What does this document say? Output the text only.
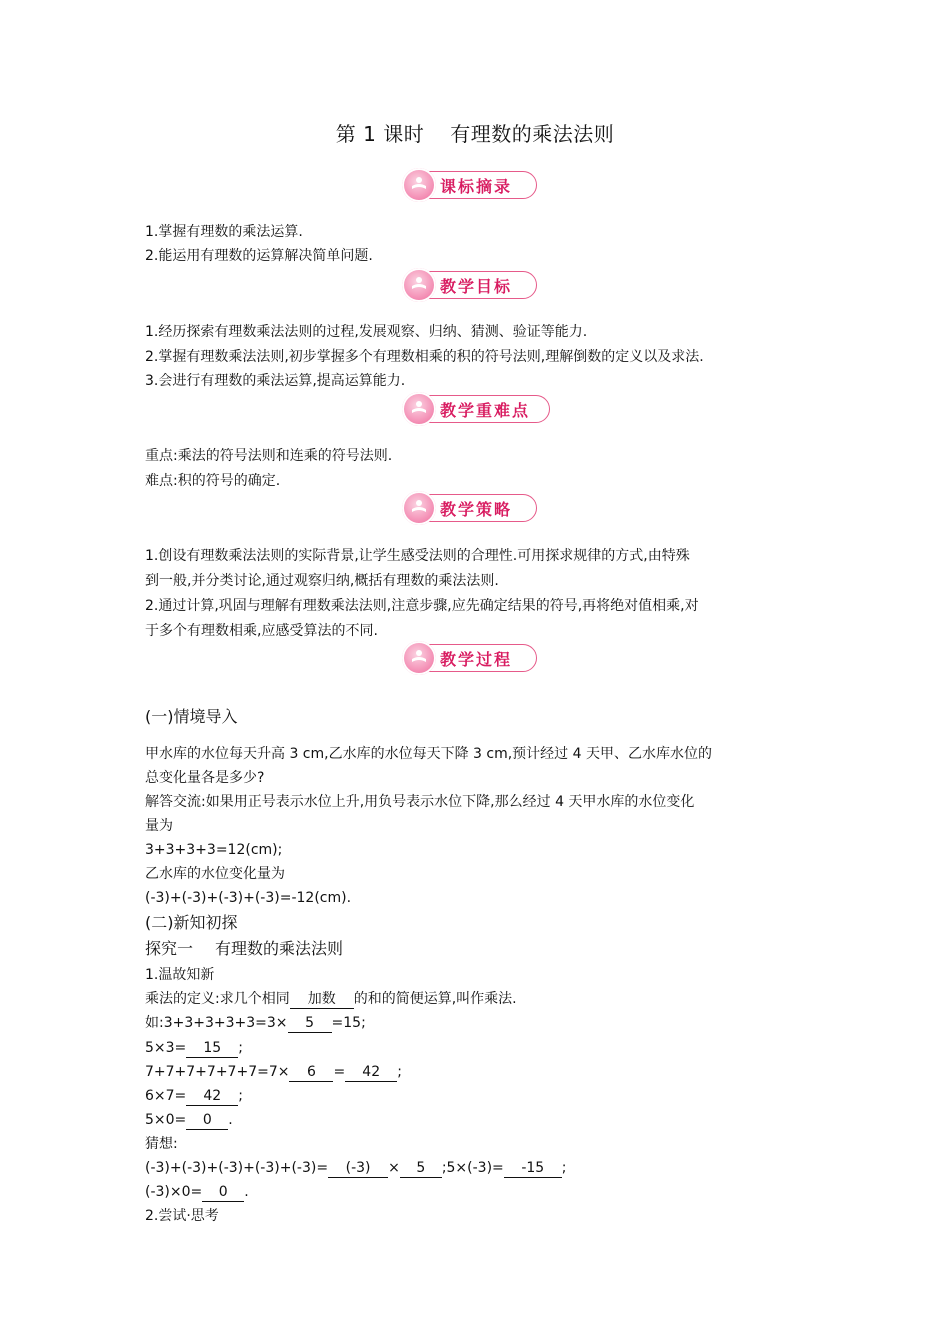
第 1 课时 有理数的乘法法则
课标摘录
1.掌握有理数的乘法运算.
2.能运用有理数的运算解决简单问题.
教学目标
1.经历探索有理数乘法法则的过程,发展观察、归纳、猜测、验证等能力.
2.掌握有理数乘法法则,初步掌握多个有理数相乘的积的符号法则,理解倒数的定义以及求法.
3.会进行有理数的乘法运算,提高运算能力.
教学重难点
重点:乘法的符号法则和连乘的符号法则.
难点:积的符号的确定.
教学策略
1.创设有理数乘法法则的实际背景,让学生感受法则的合理性.可用探求规律的方式,由特殊
到一般,并分类讨论,通过观察归纳,概括有理数的乘法法则.
2.通过计算,巩固与理解有理数乘法法则,注意步骤,应先确定结果的符号,再将绝对值相乘,对
于多个有理数相乘,应感受算法的不同.
教学过程
(一)情境导入
甲水库的水位每天升高 3 cm,乙水库的水位每天下降 3 cm,预计经过 4 天甲、乙水库水位的
总变化量各是多少?
解答交流:如果用正号表示水位上升,用负号表示水位下降,那么经过 4 天甲水库的水位变化
量为
3+3+3+3=12(cm);
乙水库的水位变化量为
(-3)+(-3)+(-3)+(-3)=-12(cm).
(二)新知初探
探究一 有理数的乘法法则
1.温故知新
乘法的定义:求几个相同 加数 的和的简便运算,叫作乘法.
如:3+3+3+3+3=3× 5 =15;
5×3= 15 ;
7+7+7+7+7+7=7× 6 = 42 ;
6×7= 42 ;
5×0= 0 .
猜想:
(-3)+(-3)+(-3)+(-3)+(-3)= (-3) × 5 ;5×(-3)= -15 ;
(-3)×0= 0 .
2.尝试·思考
